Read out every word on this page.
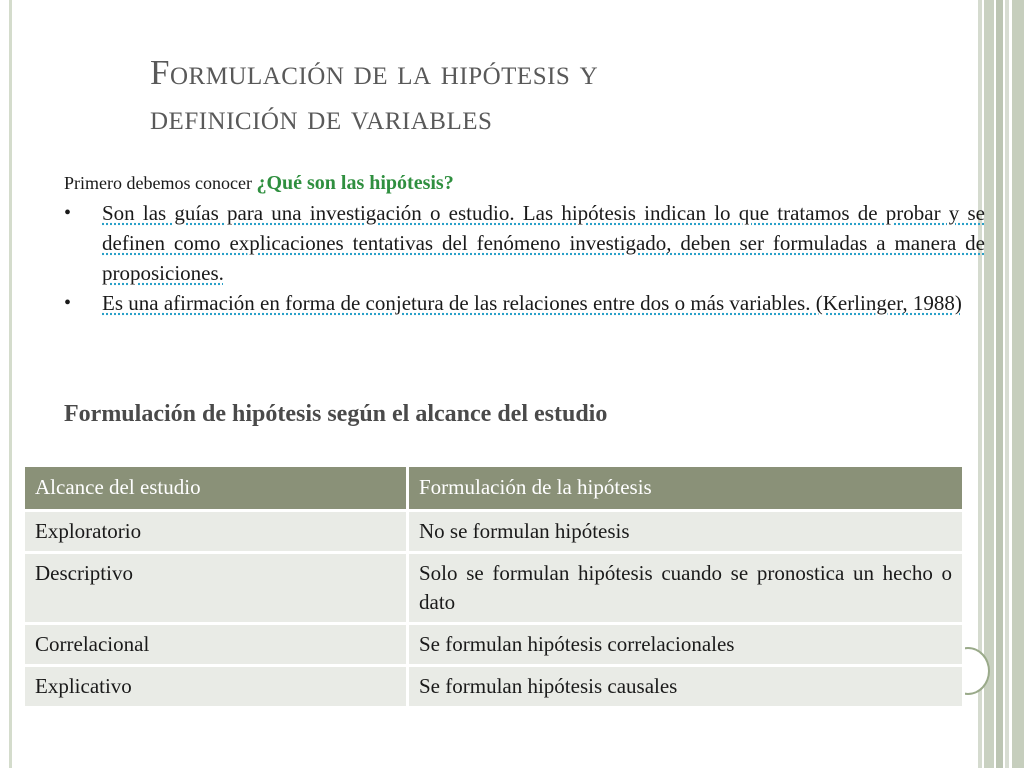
Formulación de la hipótesis y
definición de variables
Primero debemos conocer ¿Qué son las hipótesis?
• Son las guías para una investigación o estudio. Las hipótesis indican lo que tratamos de probar y se definen como explicaciones tentativas del fenómeno investigado, deben ser formuladas a manera de proposiciones.
• Es una afirmación en forma de conjetura de las relaciones entre dos o más variables. (Kerlinger, 1988)
Formulación de hipótesis según el alcance del estudio
Alcance del estudio	Formulación de la hipótesis
Exploratorio	No se formulan hipótesis
Descriptivo	Solo se formulan hipótesis cuando se pronostica un hecho o dato
Correlacional	Se formulan hipótesis correlacionales
Explicativo	Se formulan hipótesis causales
